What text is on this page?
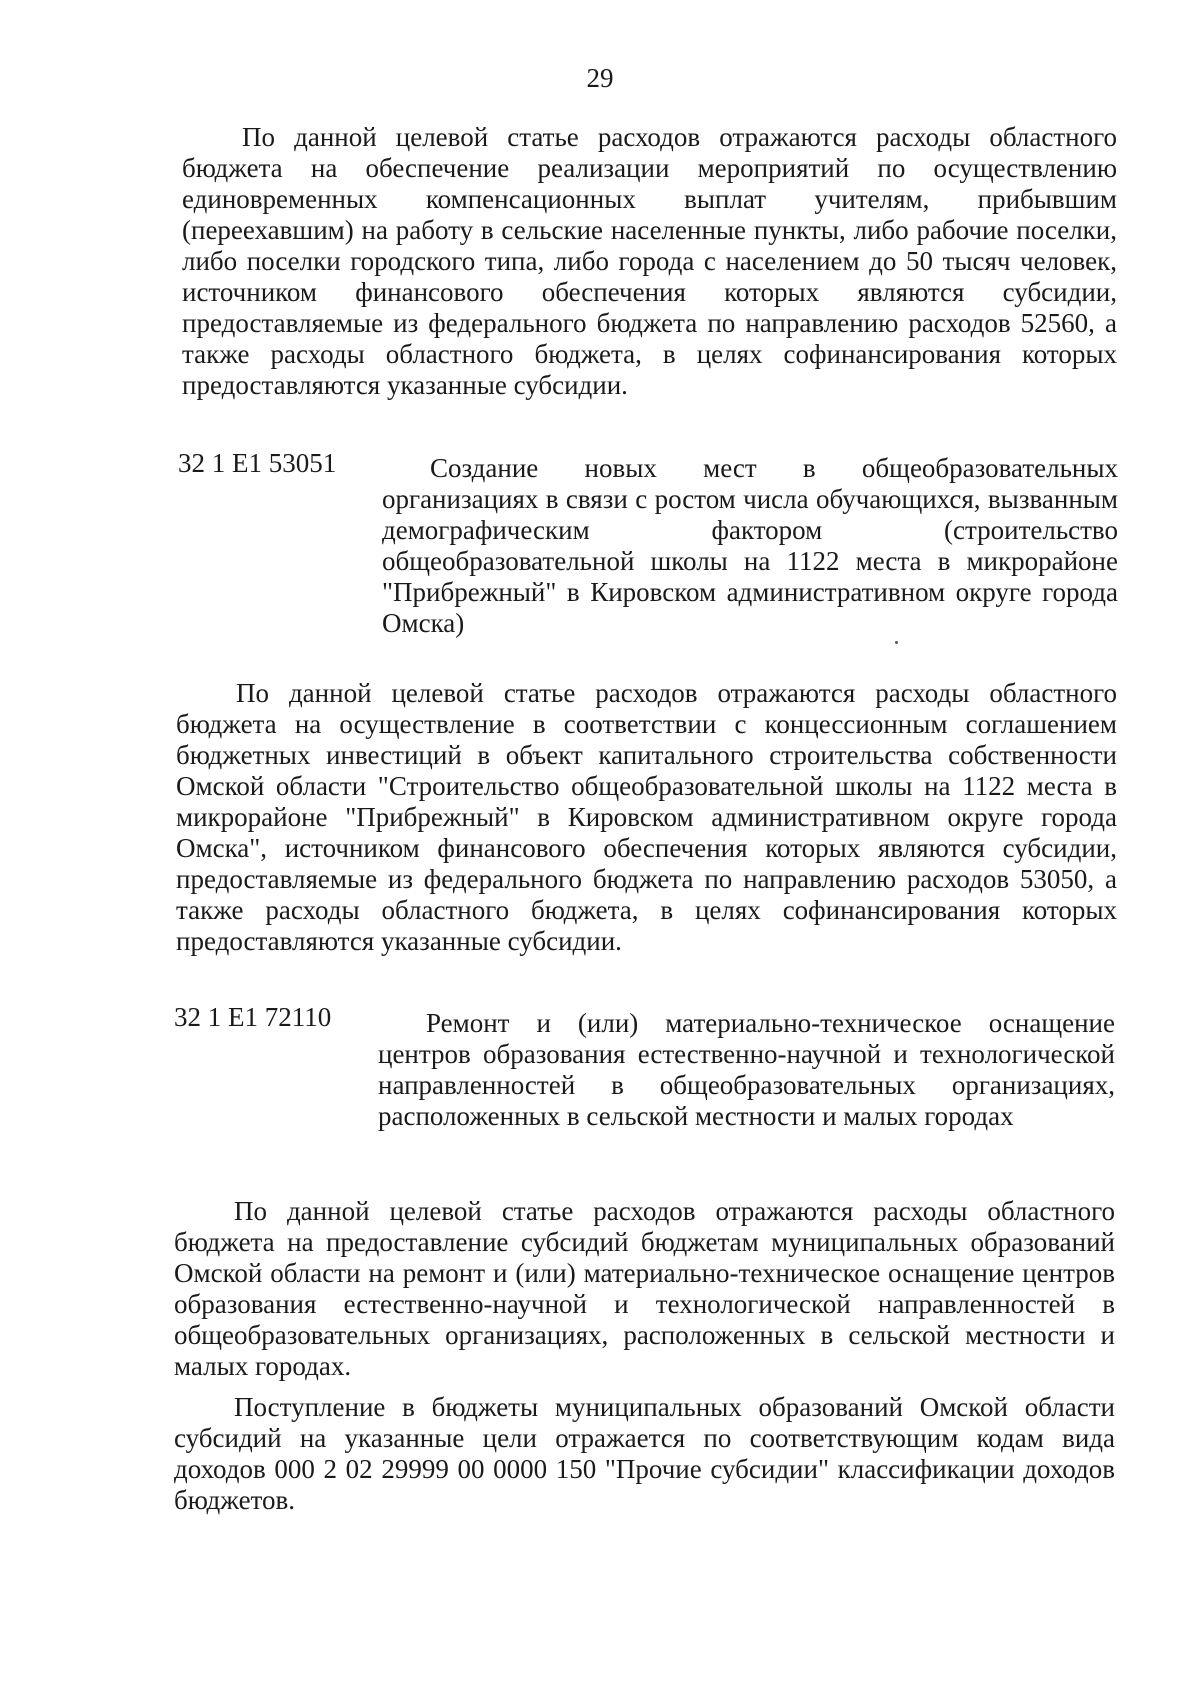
29

По данной целевой статье расходов отражаются расходы областного бюджета на обеспечение реализации мероприятий по осуществлению единовременных компенсационных выплат учителям, прибывшим (переехавшим) на работу в сельские населенные пункты, либо рабочие поселки, либо поселки городского типа, либо города с населением до 50 тысяч человек, источником финансового обеспечения которых являются субсидии, предоставляемые из федерального бюджета по направлению расходов 52560, а также расходы областного бюджета, в целях софинансирования которых предоставляются указанные субсидии.

32 1 E1 53051	Создание новых мест в общеобразовательных организациях в связи с ростом числа обучающихся, вызванным демографическим фактором (строительство общеобразовательной школы на 1122 места в микрорайоне "Прибрежный" в Кировском административном округе города Омска)

По данной целевой статье расходов отражаются расходы областного бюджета на осуществление в соответствии с концессионным соглашением бюджетных инвестиций в объект капитального строительства собственности Омской области "Строительство общеобразовательной школы на 1122 места в микрорайоне "Прибрежный" в Кировском административном округе города Омска", источником финансового обеспечения которых являются субсидии, предоставляемые из федерального бюджета по направлению расходов 53050, а также расходы областного бюджета, в целях софинансирования которых предоставляются указанные субсидии.

32 1 E1 72110	Ремонт и (или) материально-техническое оснащение центров образования естественно-научной и технологической направленностей в общеобразовательных организациях, расположенных в сельской местности и малых городах

По данной целевой статье расходов отражаются расходы областного бюджета на предоставление субсидий бюджетам муниципальных образований Омской области на ремонт и (или) материально-техническое оснащение центров образования естественно-научной и технологической направленностей в общеобразовательных организациях, расположенных в сельской местности и малых городах.

Поступление в бюджеты муниципальных образований Омской области субсидий на указанные цели отражается по соответствующим кодам вида доходов 000 2 02 29999 00 0000 150 "Прочие субсидии" классификации доходов бюджетов.
